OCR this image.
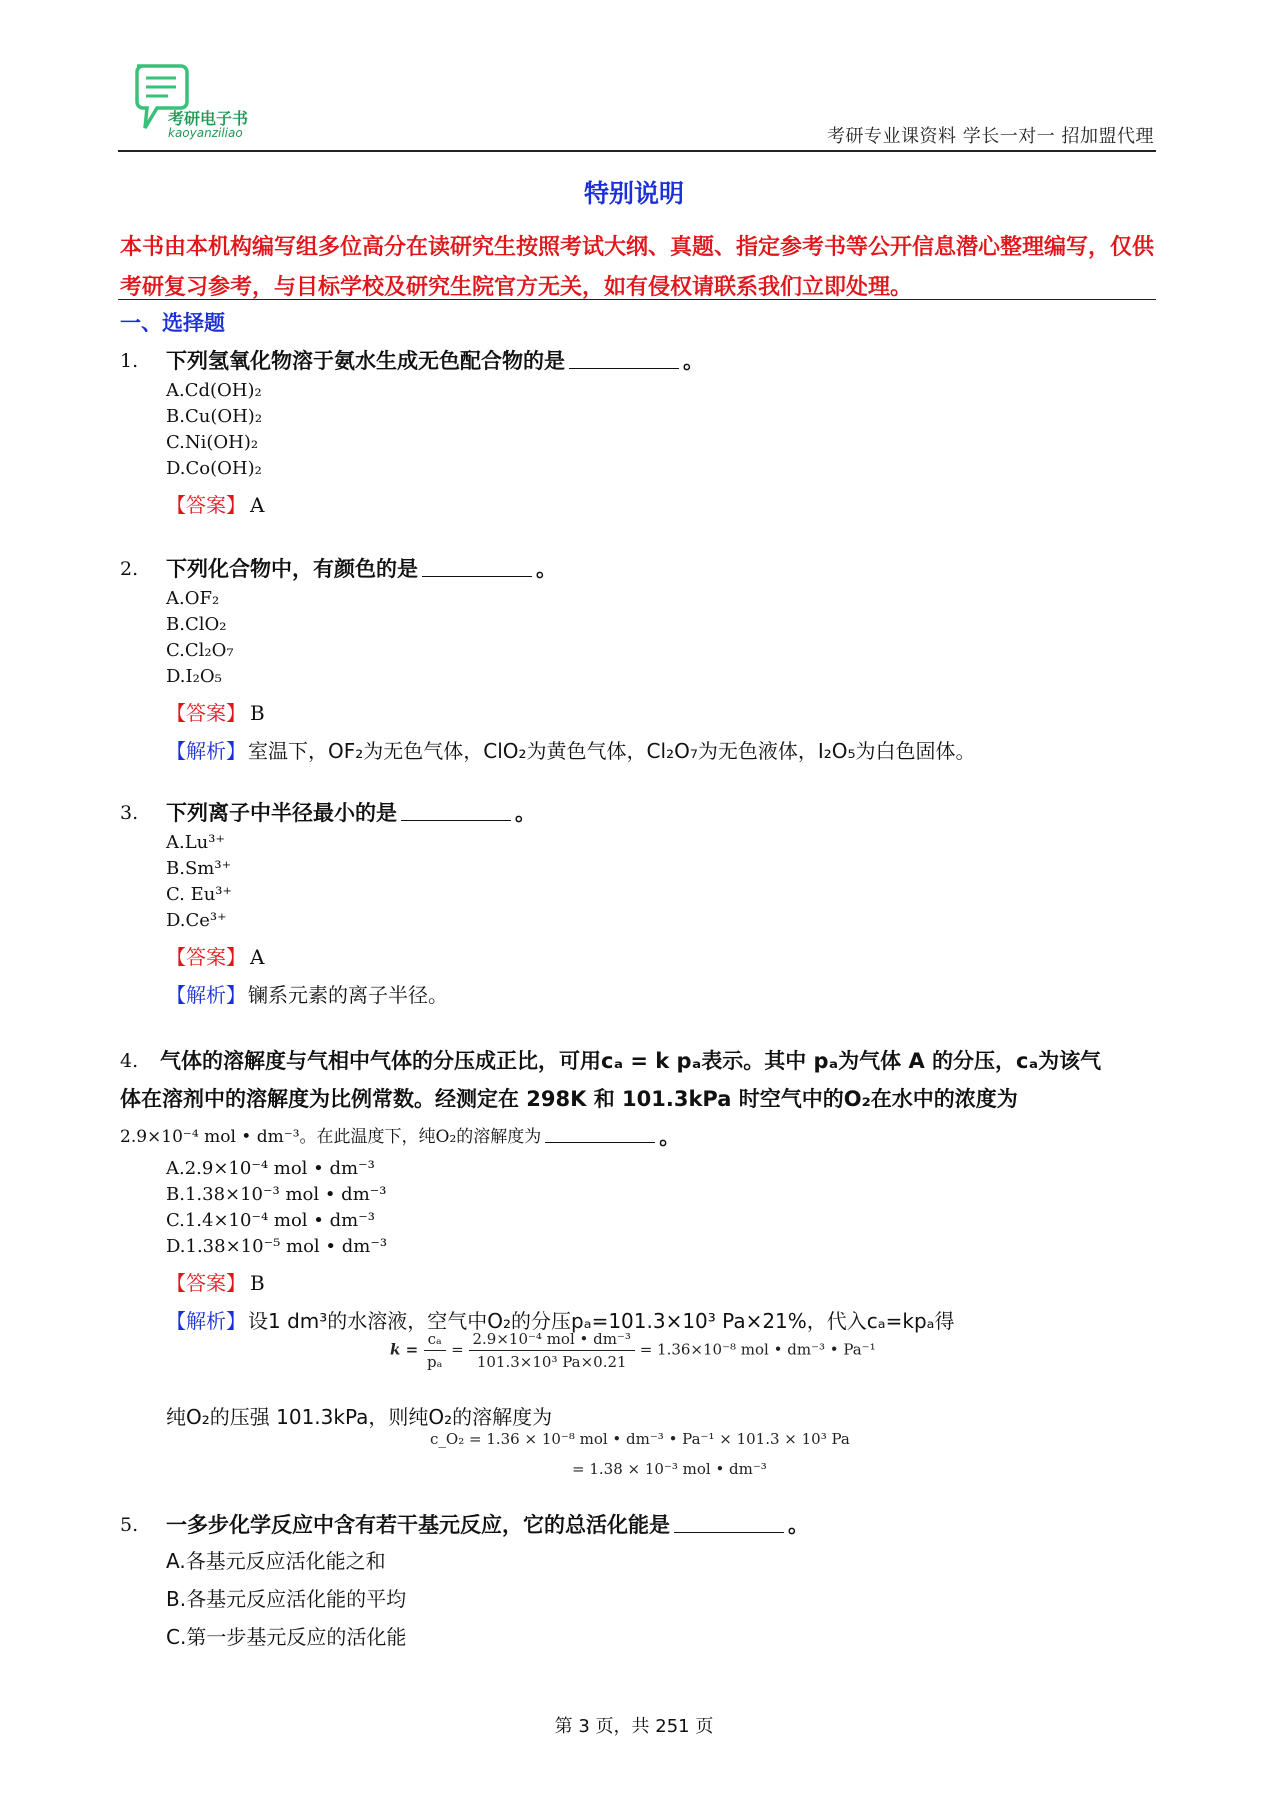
考研电子书
kaoyanziliao	考研专业课资料 学长一对一 招加盟代理
特别说明
本书由本机构编写组多位高分在读研究生按照考试大纲、真题、指定参考书等公开信息潜心整理编写，仅供考研复习参考，与目标学校及研究生院官方无关，如有侵权请联系我们立即处理。
一、选择题
1.	下列氢氧化物溶于氨水生成无色配合物的是	。
A.Cd(OH)₂
B.Cu(OH)₂
C.Ni(OH)₂
D.Co(OH)₂
【答案】 A
2.	下列化合物中，有颜色的是	。
A.OF₂
B.ClO₂
C.Cl₂O₇
D.I₂O₅
【答案】 B
【解析】 室温下，OF₂为无色气体，ClO₂为黄色气体，Cl₂O₇为无色液体，I₂O₅为白色固体。
3.	下列离子中半径最小的是	。
A.Lu³⁺
B.Sm³⁺
C. Eu³⁺
D.Ce³⁺
【答案】 A
【解析】 镧系元素的离子半径。
4.	气体的溶解度与气相中气体的分压成正比，可用cₐ = k pₐ表示。其中 pₐ为气体 A 的分压，cₐ为该气
体在溶剂中的溶解度为比例常数。经测定在 298K 和 101.3kPa 时空气中的O₂在水中的浓度为
2.9×10⁻⁴ mol • dm⁻³。在此温度下，纯O₂的溶解度为	。
A.2.9×10⁻⁴ mol • dm⁻³
B.1.38×10⁻³ mol • dm⁻³
C.1.4×10⁻⁴ mol • dm⁻³
D.1.38×10⁻⁵ mol • dm⁻³
【答案】 B
【解析】 设1 dm³的水溶液，空气中O₂的分压pₐ=101.3×10³ Pa×21%，代入cₐ=kpₐ得
$k = \frac{\text{cₐ}}{\text{pₐ}} = \frac{\text{2.9×10⁻⁴ mol • dm⁻³}}{\text{101.3×10³ Pa×0.21}} = 1.36\times 10^{-8}$ mol • dm⁻³ • Pa⁻¹
纯O₂的压强 101.3kPa，则纯O₂的溶解度为
c_O₂ = 1.36 × 10⁻⁸ mol • dm⁻³ • Pa⁻¹ × 101.3 × 10³ Pa
= 1.38 × 10⁻³ mol • dm⁻³
5.	一多步化学反应中含有若干基元反应，它的总活化能是	。
A.各基元反应活化能之和
B.各基元反应活化能的平均
C.第一步基元反应的活化能
第 3 页，共 251 页
